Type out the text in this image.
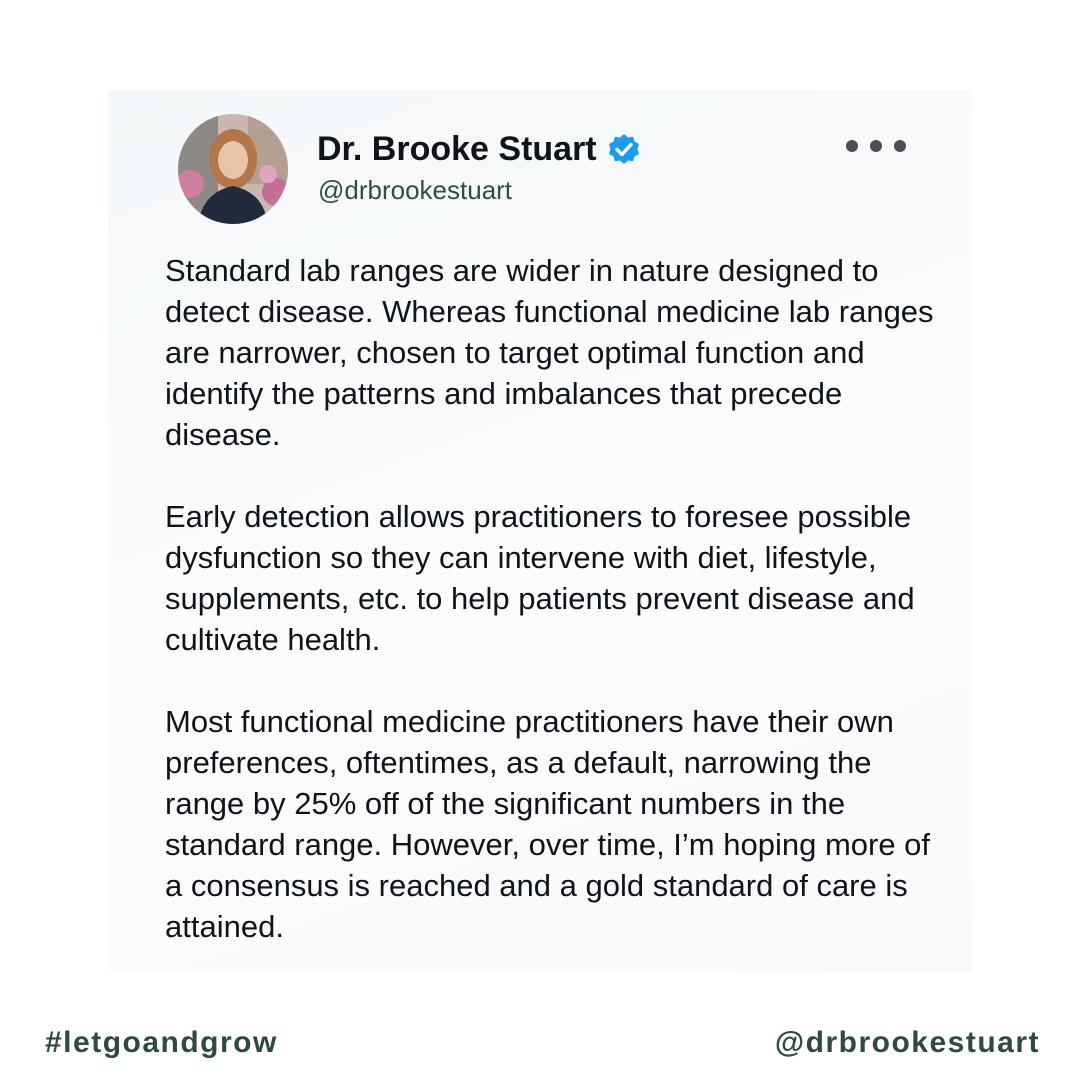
Dr. Brooke Stuart
@drbrookestuart

Standard lab ranges are wider in nature designed to detect disease. Whereas functional medicine lab ranges are narrower, chosen to target optimal function and identify the patterns and imbalances that precede disease.

Early detection allows practitioners to foresee possible dysfunction so they can intervene with diet, lifestyle, supplements, etc. to help patients prevent disease and cultivate health.

Most functional medicine practitioners have their own preferences, oftentimes, as a default, narrowing the range by 25% off of the significant numbers in the standard range. However, over time, I’m hoping more of a consensus is reached and a gold standard of care is attained.

#letgoandgrow	@drbrookestuart
